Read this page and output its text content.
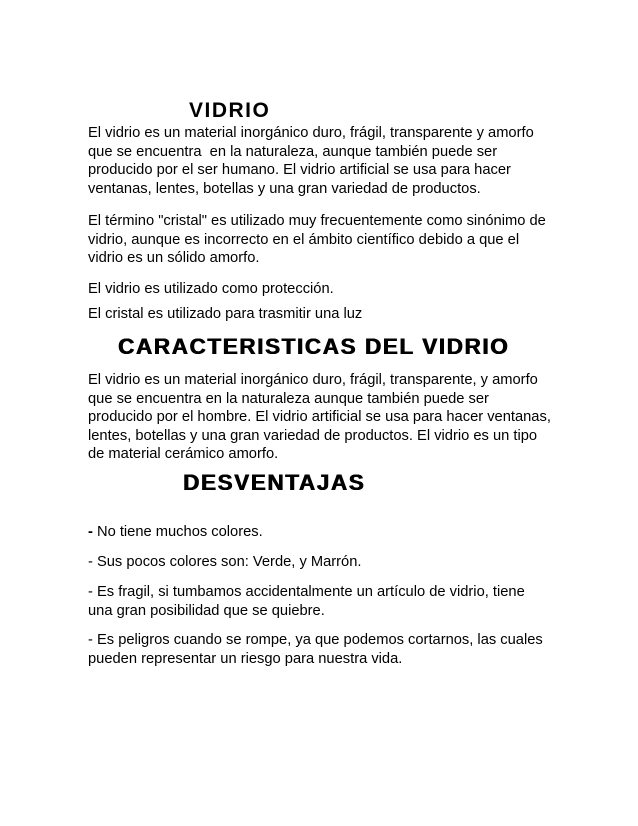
VIDRIO
El vidrio es un material inorgánico duro, frágil, transparente y amorfo
que se encuentra  en la naturaleza, aunque también puede ser
producido por el ser humano. El vidrio artificial se usa para hacer
ventanas, lentes, botellas y una gran variedad de productos.
El término "cristal" es utilizado muy frecuentemente como sinónimo de
vidrio, aunque es incorrecto en el ámbito científico debido a que el
vidrio es un sólido amorfo.
El vidrio es utilizado como protección.
El cristal es utilizado para trasmitir una luz
CARACTERISTICAS DEL VIDRIO
El vidrio es un material inorgánico duro, frágil, transparente, y amorfo
que se encuentra en la naturaleza aunque también puede ser
producido por el hombre. El vidrio artificial se usa para hacer ventanas,
lentes, botellas y una gran variedad de productos. El vidrio es un tipo
de material cerámico amorfo.
DESVENTAJAS
- No tiene muchos colores.
- Sus pocos colores son: Verde, y Marrón.
- Es fragil, si tumbamos accidentalmente un artículo de vidrio, tiene
una gran posibilidad que se quiebre.
- Es peligros cuando se rompe, ya que podemos cortarnos, las cuales
pueden representar un riesgo para nuestra vida.
